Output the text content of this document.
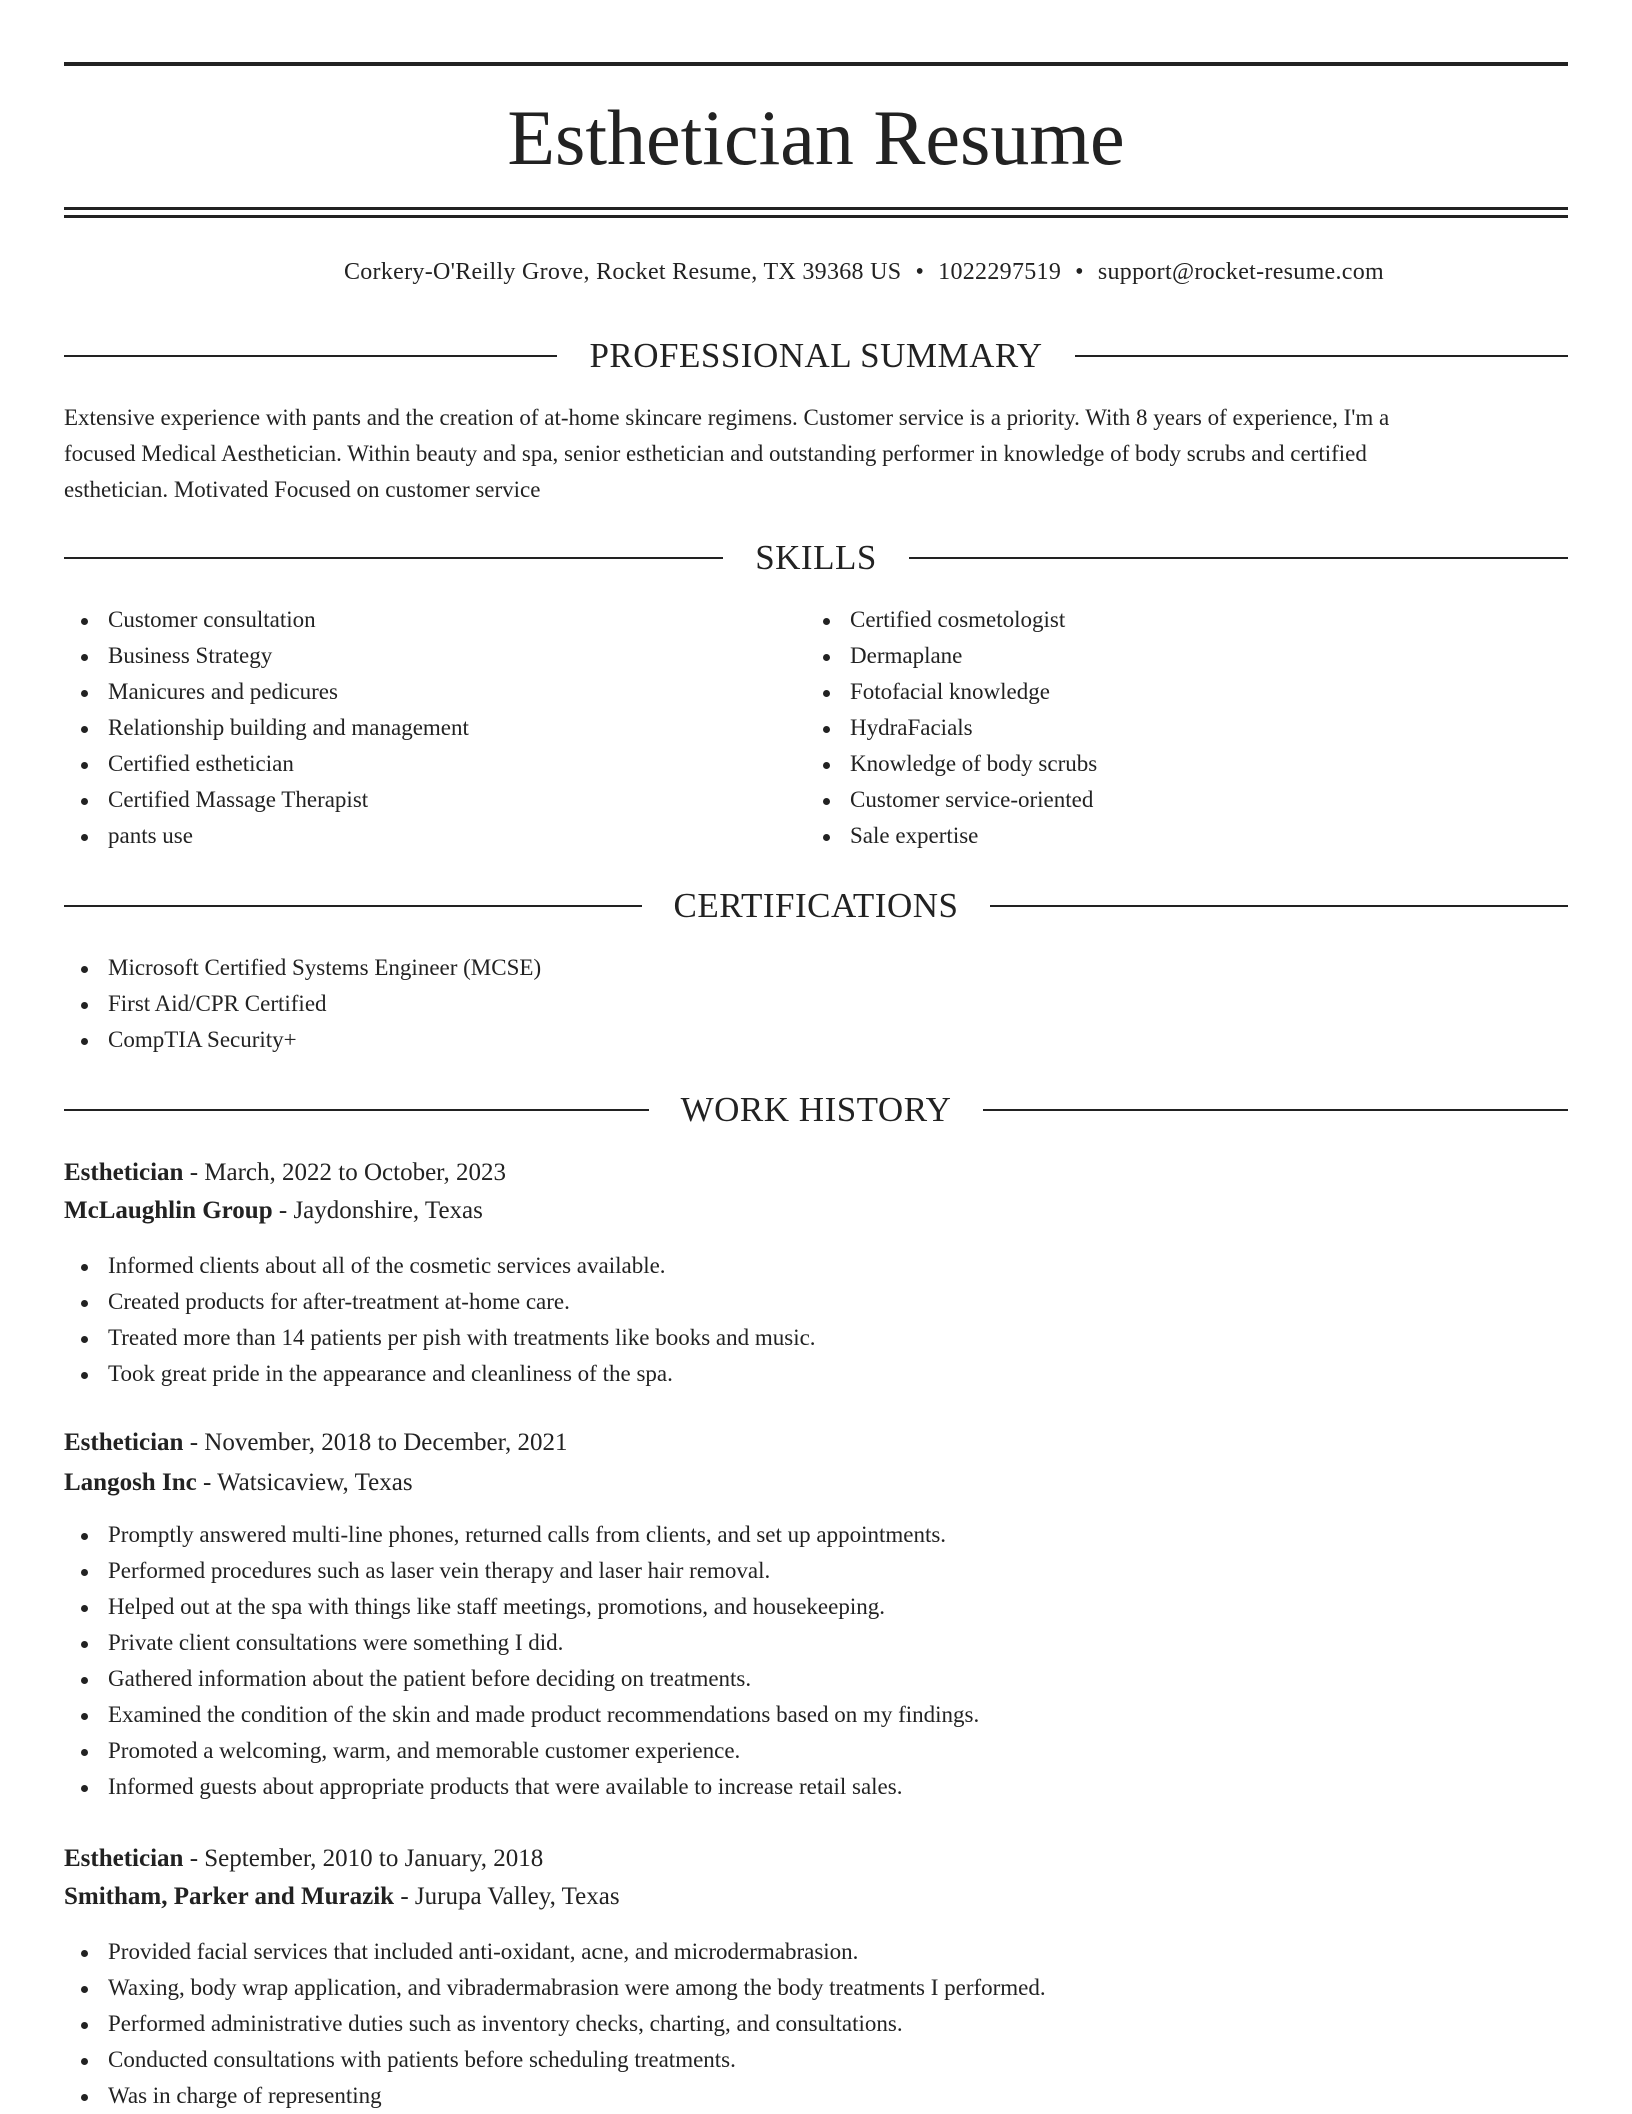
Esthetician Resume
Corkery-O'Reilly Grove, Rocket Resume, TX 39368 US • 1022297519 • support@rocket-resume.com
PROFESSIONAL SUMMARY
Extensive experience with pants and the creation of at-home skincare regimens. Customer service is a priority. With 8 years of experience, I'm a
focused Medical Aesthetician. Within beauty and spa, senior esthetician and outstanding performer in knowledge of body scrubs and certified
esthetician. Motivated Focused on customer service
SKILLS
Customer consultation
Business Strategy
Manicures and pedicures
Relationship building and management
Certified esthetician
Certified Massage Therapist
pants use
Certified cosmetologist
Dermaplane
Fotofacial knowledge
HydraFacials
Knowledge of body scrubs
Customer service-oriented
Sale expertise
CERTIFICATIONS
Microsoft Certified Systems Engineer (MCSE)
First Aid/CPR Certified
CompTIA Security+
WORK HISTORY
Esthetician - March, 2022 to October, 2023
McLaughlin Group - Jaydonshire, Texas
Informed clients about all of the cosmetic services available.
Created products for after-treatment at-home care.
Treated more than 14 patients per pish with treatments like books and music.
Took great pride in the appearance and cleanliness of the spa.
Esthetician - November, 2018 to December, 2021
Langosh Inc - Watsicaview, Texas
Promptly answered multi-line phones, returned calls from clients, and set up appointments.
Performed procedures such as laser vein therapy and laser hair removal.
Helped out at the spa with things like staff meetings, promotions, and housekeeping.
Private client consultations were something I did.
Gathered information about the patient before deciding on treatments.
Examined the condition of the skin and made product recommendations based on my findings.
Promoted a welcoming, warm, and memorable customer experience.
Informed guests about appropriate products that were available to increase retail sales.
Esthetician - September, 2010 to January, 2018
Smitham, Parker and Murazik - Jurupa Valley, Texas
Provided facial services that included anti-oxidant, acne, and microdermabrasion.
Waxing, body wrap application, and vibradermabrasion were among the body treatments I performed.
Performed administrative duties such as inventory checks, charting, and consultations.
Conducted consultations with patients before scheduling treatments.
Was in charge of representing
